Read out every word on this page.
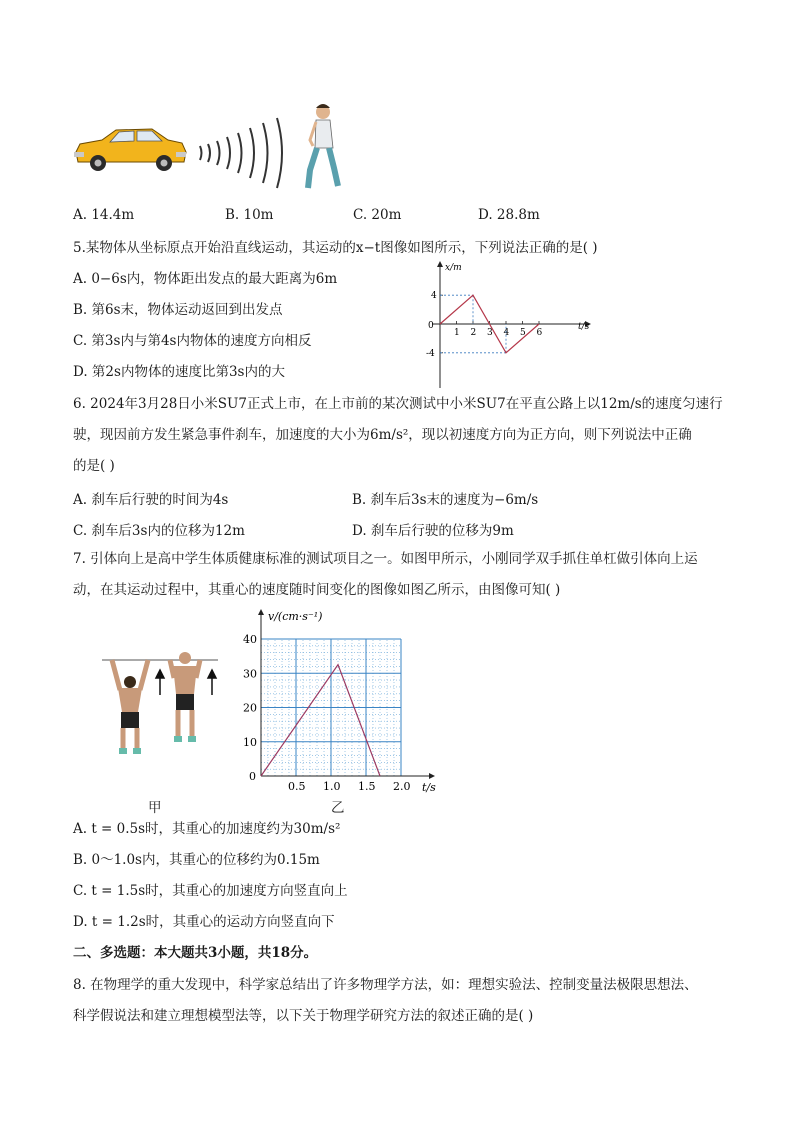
A. 14.4m	B. 10m	C. 20m	D. 28.8m
5.某物体从坐标原点开始沿直线运动，其运动的x−t图像如图所示，下列说法正确的是( )
A. 0−6s内，物体距出发点的最大距离为6m
B. 第6s末，物体运动返回到出发点
C. 第3s内与第4s内物体的速度方向相反
D. 第2s内物体的速度比第3s内的大
x/m
t/s
0
1 2 3 4 5 6
4
-4
6. 2024年3月28日小米SU7正式上市，在上市前的某次测试中小米SU7在平直公路上以12m/s的速度匀速行
驶，现因前方发生紧急事件刹车，加速度的大小为6m/s²，现以初速度方向为正方向，则下列说法中正确
的是( )
A. 刹车后行驶的时间为4s	B. 刹车后3s末的速度为−6m/s
C. 刹车后3s内的位移为12m	D. 刹车后行驶的位移为9m
7. 引体向上是高中学生体质健康标准的测试项目之一。如图甲所示，小刚同学双手抓住单杠做引体向上运
动，在其运动过程中，其重心的速度随时间变化的图像如图乙所示，由图像可知( )
甲	乙
v/(cm·s⁻¹)
t/s
0.5 1.0 1.5 2.0
0
10
20
30
40
A. t = 0.5s时，其重心的加速度约为30m/s²
B. 0～1.0s内，其重心的位移约为0.15m
C. t = 1.5s时，其重心的加速度方向竖直向上
D. t = 1.2s时，其重心的运动方向竖直向下
二、多选题：本大题共3小题，共18分。
8. 在物理学的重大发现中，科学家总结出了许多物理学方法，如：理想实验法、控制变量法极限思想法、
科学假说法和建立理想模型法等，以下关于物理学研究方法的叙述正确的是( )
